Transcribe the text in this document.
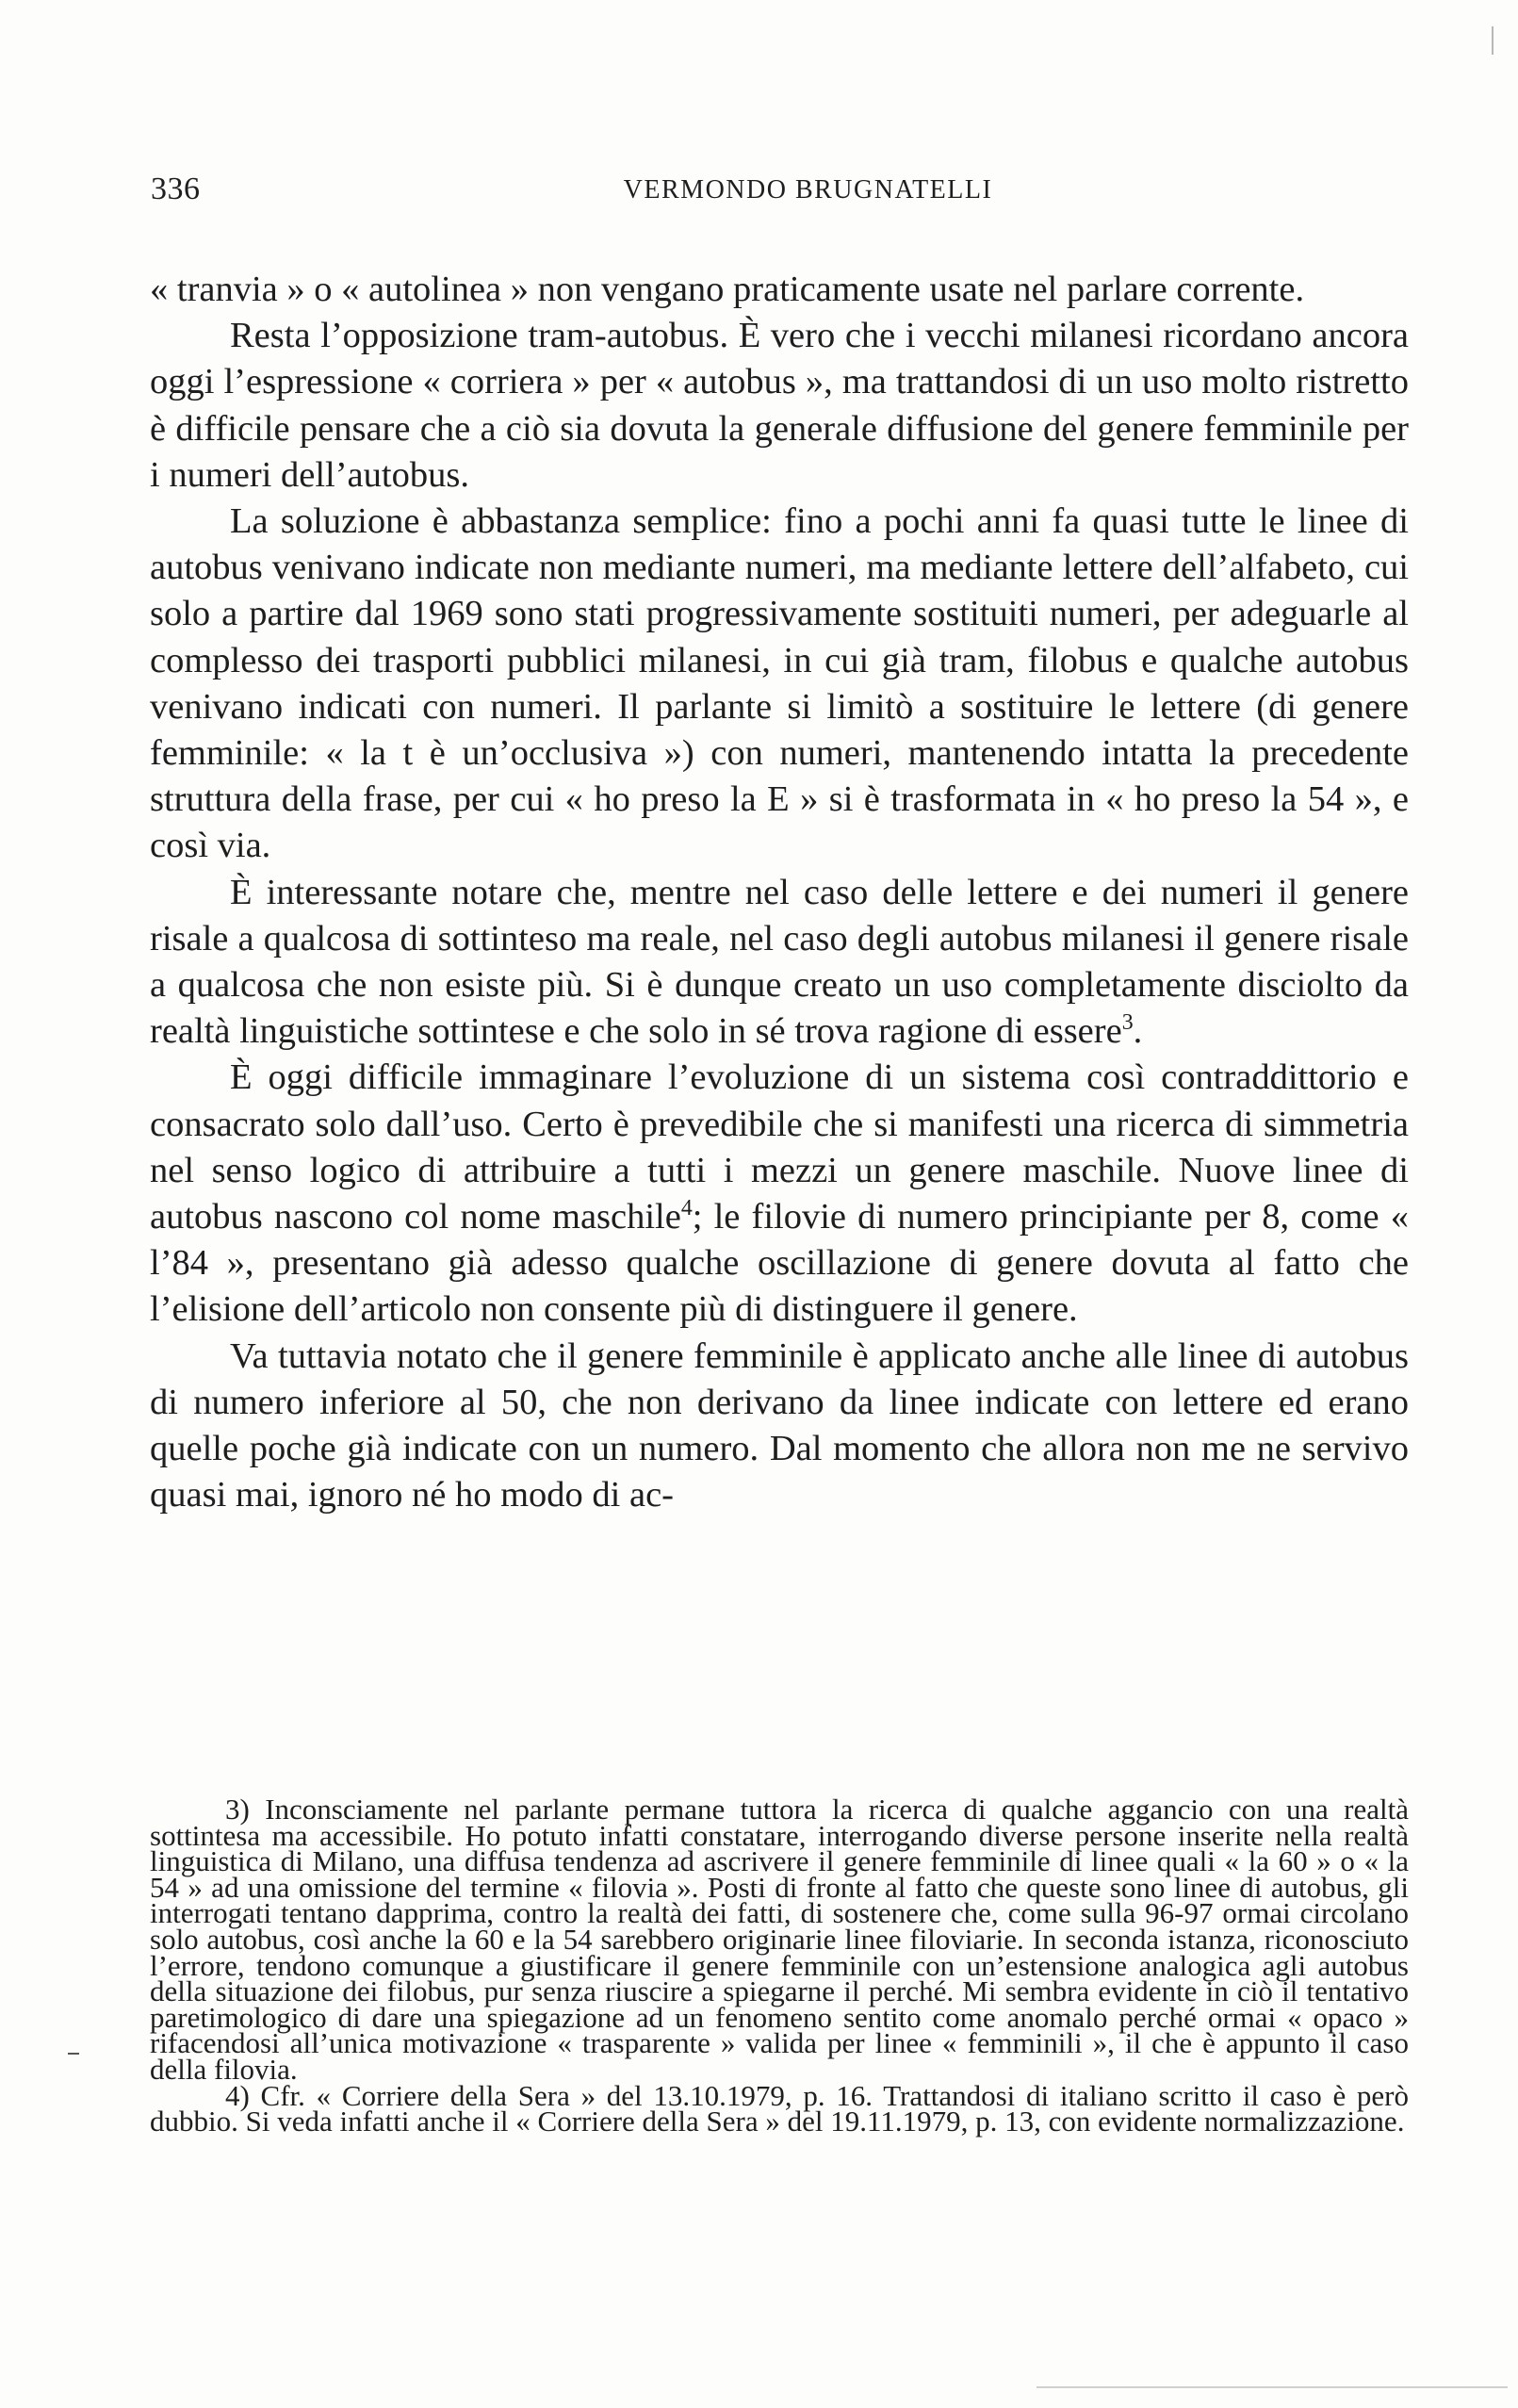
336	VERMONDO BRUGNATELLI

« tranvia » o « autolinea » non vengano praticamente usate nel parlare corrente.

Resta l’opposizione tram-autobus. È vero che i vecchi milanesi ricordano ancora oggi l’espressione « corriera » per « autobus », ma trattandosi di un uso molto ristretto è difficile pensare che a ciò sia dovuta la generale diffusione del genere femminile per i numeri dell’autobus.

La soluzione è abbastanza semplice: fino a pochi anni fa quasi tutte le linee di autobus venivano indicate non mediante numeri, ma mediante lettere dell’alfabeto, cui solo a partire dal 1969 sono stati progressivamente sostituiti numeri, per adeguarle al complesso dei trasporti pubblici milanesi, in cui già tram, filobus e qualche autobus venivano indicati con numeri. Il parlante si limitò a sostituire le lettere (di genere femminile: « la t è un’occlusiva ») con numeri, mantenendo intatta la precedente struttura della frase, per cui « ho preso la E » si è trasformata in « ho preso la 54 », e così via.

È interessante notare che, mentre nel caso delle lettere e dei numeri il genere risale a qualcosa di sottinteso ma reale, nel caso degli autobus milanesi il genere risale a qualcosa che non esiste più. Si è dunque creato un uso completamente disciolto da realtà linguistiche sottintese e che solo in sé trova ragione di essere$^3$.

È oggi difficile immaginare l’evoluzione di un sistema così contraddittorio e consacrato solo dall’uso. Certo è prevedibile che si manifesti una ricerca di simmetria nel senso logico di attribuire a tutti i mezzi un genere maschile. Nuove linee di autobus nascono col nome maschile$^4$; le filovie di numero principiante per 8, come « l’84 », presentano già adesso qualche oscillazione di genere dovuta al fatto che l’elisione dell’articolo non consente più di distinguere il genere.

Va tuttavia notato che il genere femminile è applicato anche alle linee di autobus di numero inferiore al 50, che non derivano da linee indicate con lettere ed erano quelle poche già indicate con un numero. Dal momento che allora non me ne servivo quasi mai, ignoro né ho modo di ac-

3) Inconsciamente nel parlante permane tuttora la ricerca di qualche aggancio con una realtà sottintesa ma accessibile. Ho potuto infatti constatare, interrogando diverse persone inserite nella realtà linguistica di Milano, una diffusa tendenza ad ascrivere il genere femminile di linee quali « la 60 » o « la 54 » ad una omissione del termine « filovia ». Posti di fronte al fatto che queste sono linee di autobus, gli interrogati tentano dapprima, contro la realtà dei fatti, di sostenere che, come sulla 96-97 ormai circolano solo autobus, così anche la 60 e la 54 sarebbero originarie linee filoviarie. In seconda istanza, riconosciuto l’errore, tendono comunque a giustificare il genere femminile con un’estensione analogica agli autobus della situazione dei filobus, pur senza riuscire a spiegarne il perché. Mi sembra evidente in ciò il tentativo paretimologico di dare una spiegazione ad un fenomeno sentito come anomalo perché ormai « opaco » rifacendosi all’unica motivazione « trasparente » valida per linee « femminili », il che è appunto il caso della filovia.

4) Cfr. « Corriere della Sera » del 13.10.1979, p. 16. Trattandosi di italiano scritto il caso è però dubbio. Si veda infatti anche il « Corriere della Sera » del 19.11.1979, p. 13, con evidente normalizzazione.
